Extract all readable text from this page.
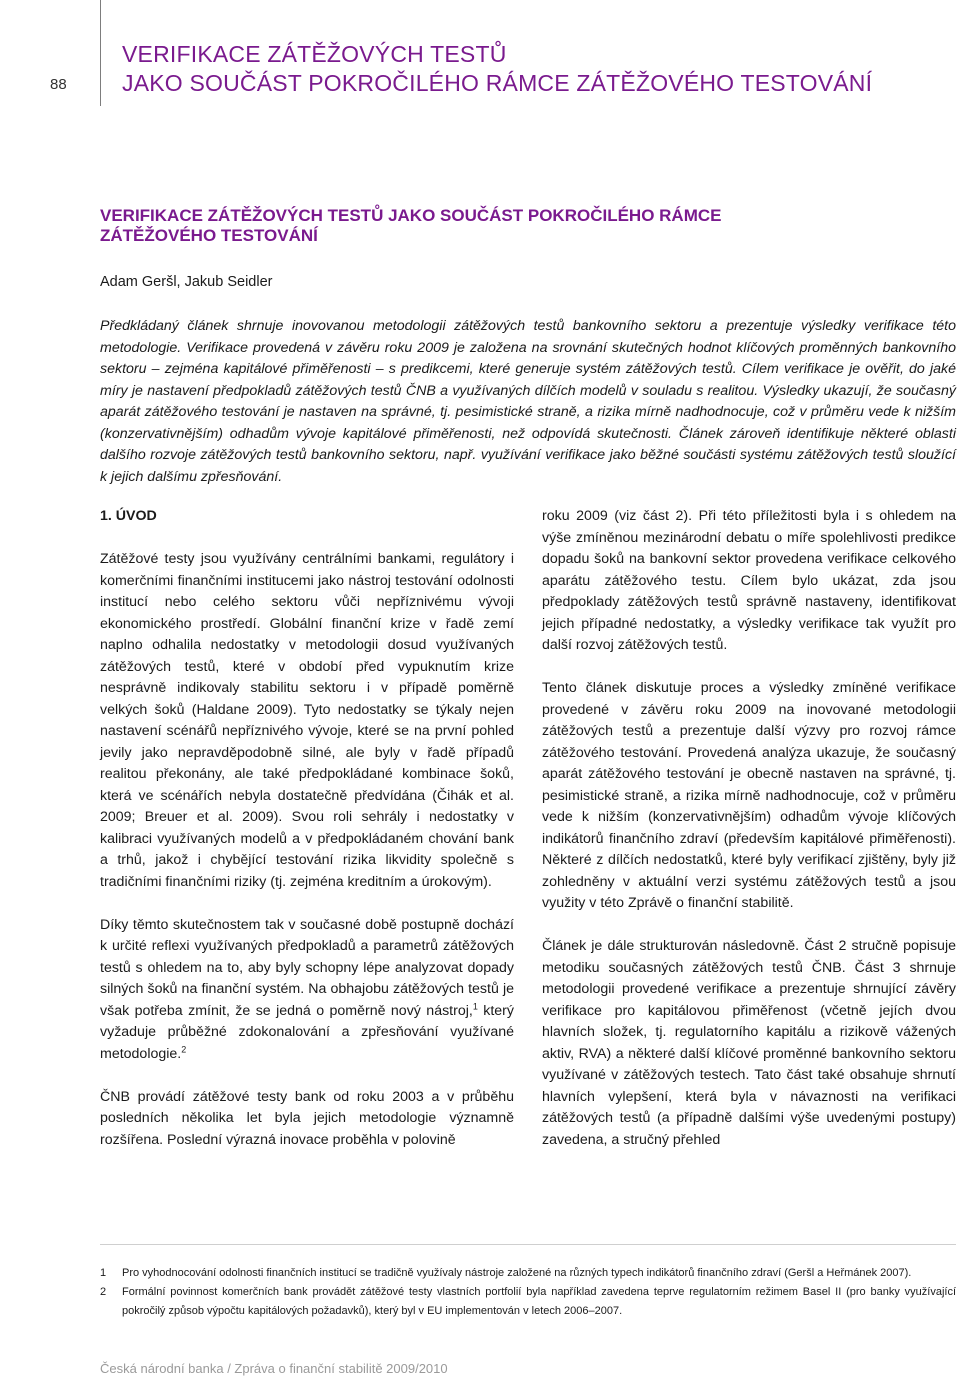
88
VERIFIKACE ZÁTĚŽOVÝCH TESTŮ
JAKO SOUČÁST POKROČILÉHO RÁMCE ZÁTĚŽOVÉHO TESTOVÁNÍ
VERIFIKACE ZÁTĚŽOVÝCH TESTŮ JAKO SOUČÁST POKROČILÉHO RÁMCE
ZÁTĚŽOVÉHO TESTOVÁNÍ
Adam Geršl, Jakub Seidler

Předkládaný článek shrnuje inovovanou metodologii zátěžových testů bankovního sektoru a prezentuje výsledky verifikace této metodologie. Verifikace provedená v závěru roku 2009 je založena na srovnání skutečných hodnot klíčových proměnných bankovního sektoru – zejména kapitálové přiměřenosti – s predikcemi, které generuje systém zátěžových testů. Cílem verifikace je ověřit, do jaké míry je nastavení předpokladů zátěžových testů ČNB a využívaných dílčích modelů v souladu s realitou. Výsledky ukazují, že současný aparát zátěžového testování je nastaven na správné, tj. pesimistické straně, a rizika mírně nadhodnocuje, což v průměru vede k nižším (konzervativnějším) odhadům vývoje kapitálové přiměřenosti, než odpovídá skutečnosti. Článek zároveň identifikuje některé oblasti dalšího rozvoje zátěžových testů bankovního sektoru, např. využívání verifikace jako běžné součásti systému zátěžových testů sloužící k jejich dalšímu zpřesňování.

1. ÚVOD

Zátěžové testy jsou využívány centrálními bankami, regulátory i komerčními finančními institucemi jako nástroj testování odolnosti institucí nebo celého sektoru vůči nepříznivému vývoji ekonomického prostředí. Globální finanční krize v řadě zemí naplno odhalila nedostatky v metodologii dosud využívaných zátěžových testů, které v období před vypuknutím krize nesprávně indikovaly stabilitu sektoru i v případě poměrně velkých šoků (Haldane 2009). Tyto nedostatky se týkaly nejen nastavení scénářů nepříznivého vývoje, které se na první pohled jevily jako nepravděpodobně silné, ale byly v řadě případů realitou překonány, ale také předpokládané kombinace šoků, která ve scénářích nebyla dostatečně předvídána (Čihák et al. 2009; Breuer et al. 2009). Svou roli sehrály i nedostatky v kalibraci využívaných modelů a v předpokládaném chování bank a trhů, jakož i chybějící testování rizika likvidity společně s tradičními finančními riziky (tj. zejména kreditním a úrokovým).

Díky těmto skutečnostem tak v současné době postupně dochází k určité reflexi využívaných předpokladů a parametrů zátěžových testů s ohledem na to, aby byly schopny lépe analyzovat dopady silných šoků na finanční systém. Na obhajobu zátěžových testů je však potřeba zmínit, že se jedná o poměrně nový nástroj,$^1$ který vyžaduje průběžné zdokonalování a zpřesňování využívané metodologie.$^2$

ČNB provádí zátěžové testy bank od roku 2003 a v průběhu posledních několika let byla jejich metodologie významně rozšířena. Poslední výrazná inovace proběhla v polovině

roku 2009 (viz část 2). Při této příležitosti byla i s ohledem na výše zmíněnou mezinárodní debatu o míře spolehlivosti predikce dopadu šoků na bankovní sektor provedena verifikace celkového aparátu zátěžového testu. Cílem bylo ukázat, zda jsou předpoklady zátěžových testů správně nastaveny, identifikovat jejich případné nedostatky, a výsledky verifikace tak využít pro další rozvoj zátěžových testů.

Tento článek diskutuje proces a výsledky zmíněné verifikace provedené v závěru roku 2009 na inovované metodologii zátěžových testů a prezentuje další výzvy pro rozvoj rámce zátěžového testování. Provedená analýza ukazuje, že současný aparát zátěžového testování je obecně nastaven na správné, tj. pesimistické straně, a rizika mírně nadhodnocuje, což v průměru vede k nižším (konzervativnějším) odhadům vývoje klíčových indikátorů finančního zdraví (především kapitálové přiměřenosti). Některé z dílčích nedostatků, které byly verifikací zjištěny, byly již zohledněny v aktuální verzi systému zátěžových testů a jsou využity v této Zprávě o finanční stabilitě.

Článek je dále strukturován následovně. Část 2 stručně popisuje metodiku současných zátěžových testů ČNB. Část 3 shrnuje metodologii provedené verifikace a prezentuje shrnující závěry verifikace pro kapitálovou přiměřenost (včetně jejích dvou hlavních složek, tj. regulatorního kapitálu a rizikově vážených aktiv, RVA) a některé další klíčové proměnné bankovního sektoru využívané v zátěžových testech. Tato část také obsahuje shrnutí hlavních vylepšení, která byla v návaznosti na verifikaci zátěžových testů (a případně dalšími výše uvedenými postupy) zavedena, a stručný přehled

1 Pro vyhodnocování odolnosti finančních institucí se tradičně využívaly nástroje založené na různých typech indikátorů finančního zdraví (Geršl a Heřmánek 2007).

2 Formální povinnost komerčních bank provádět zátěžové testy vlastních portfolií byla například zavedena teprve regulatorním režimem Basel II (pro banky využívající pokročilý způsob výpočtu kapitálových požadavků), který byl v EU implementován v letech 2006–2007.

Česká národní banka / Zpráva o finanční stabilitě 2009/2010
